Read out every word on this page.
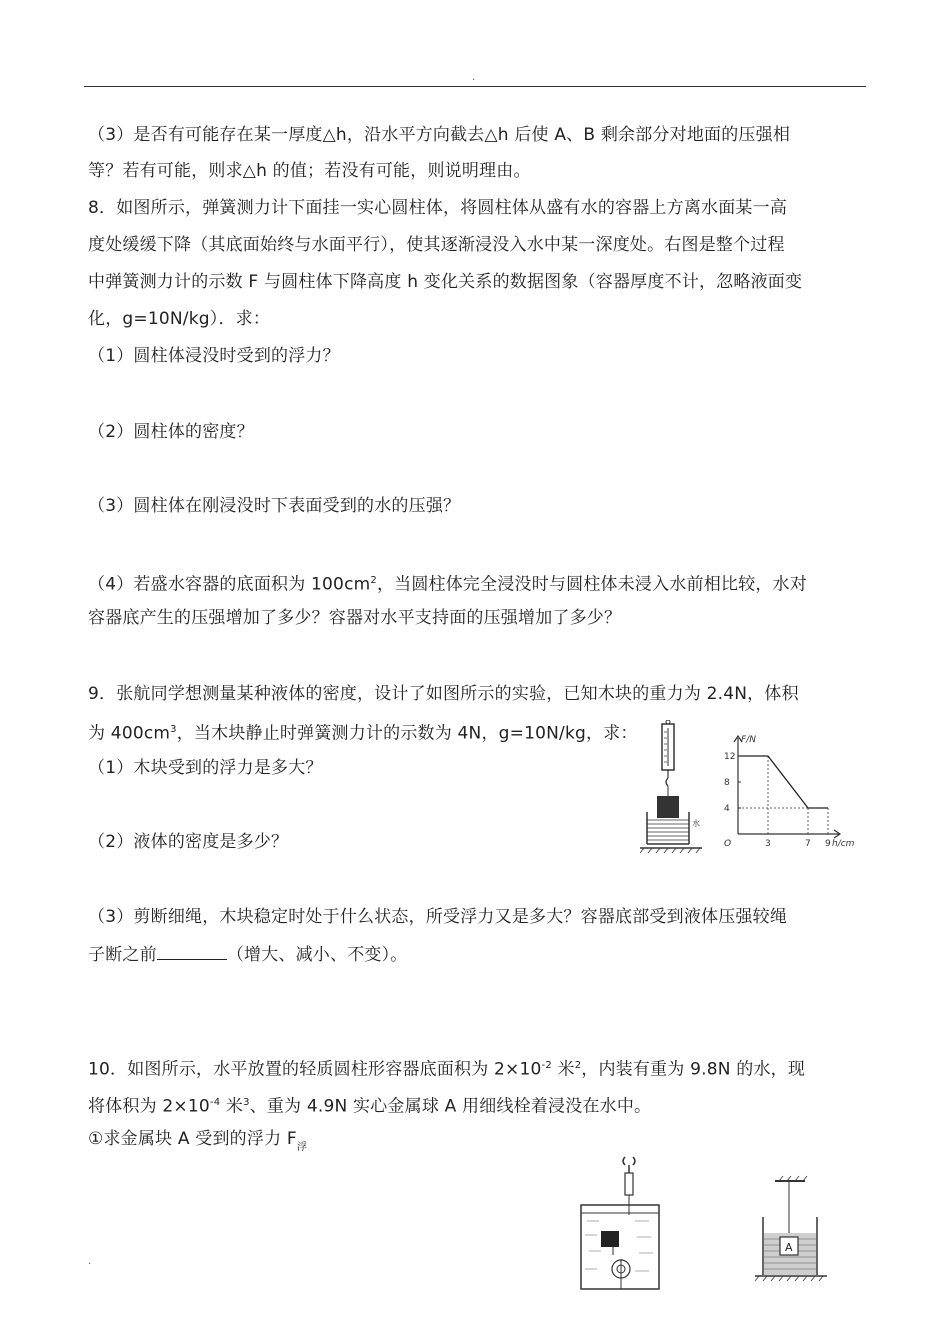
.
（3）是否有可能存在某一厚度△h，沿水平方向截去△h 后使 A、B 剩余部分对地面的压强相
等？若有可能，则求△h 的值；若没有可能，则说明理由。
8．如图所示，弹簧测力计下面挂一实心圆柱体，将圆柱体从盛有水的容器上方离水面某一高
度处缓缓下降（其底面始终与水面平行），使其逐渐浸没入水中某一深度处。右图是整个过程
中弹簧测力计的示数 F 与圆柱体下降高度 h 变化关系的数据图象（容器厚度不计，忽略液面变
化，g=10N/kg）．求：
（1）圆柱体浸没时受到的浮力？
（2）圆柱体的密度？
（3）圆柱体在刚浸没时下表面受到的水的压强？
（4）若盛水容器的底面积为 $100cm^2$，当圆柱体完全浸没时与圆柱体未浸入水前相比较，水对
容器底产生的压强增加了多少？容器对水平支持面的压强增加了多少？
9．张航同学想测量某种液体的密度，设计了如图所示的实验，已知木块的重力为 2.4N，体积
为 $400cm^3$，当木块静止时弹簧测力计的示数为 4N，g=10N/kg，求：
（1）木块受到的浮力是多大？
（2）液体的密度是多少？
（3）剪断细绳，木块稳定时处于什么状态，所受浮力又是多大？容器底部受到液体压强较绳
子断之前	（增大、减小、不变）。
10．如图所示，水平放置的轻质圆柱形容器底面积为 $2\times 10^{-2}$ 米$^2$，内装有重为 9.8N 的水，现
将体积为 $2\times 10^{-4}$ 米$^3$、重为 4.9N 实心金属球 A 用细线栓着浸没在水中。
①求金属块 A 受到的浮力 $F_浮$
水
F/N
h/cm
O
12
8
4
3	7 9
A
.
